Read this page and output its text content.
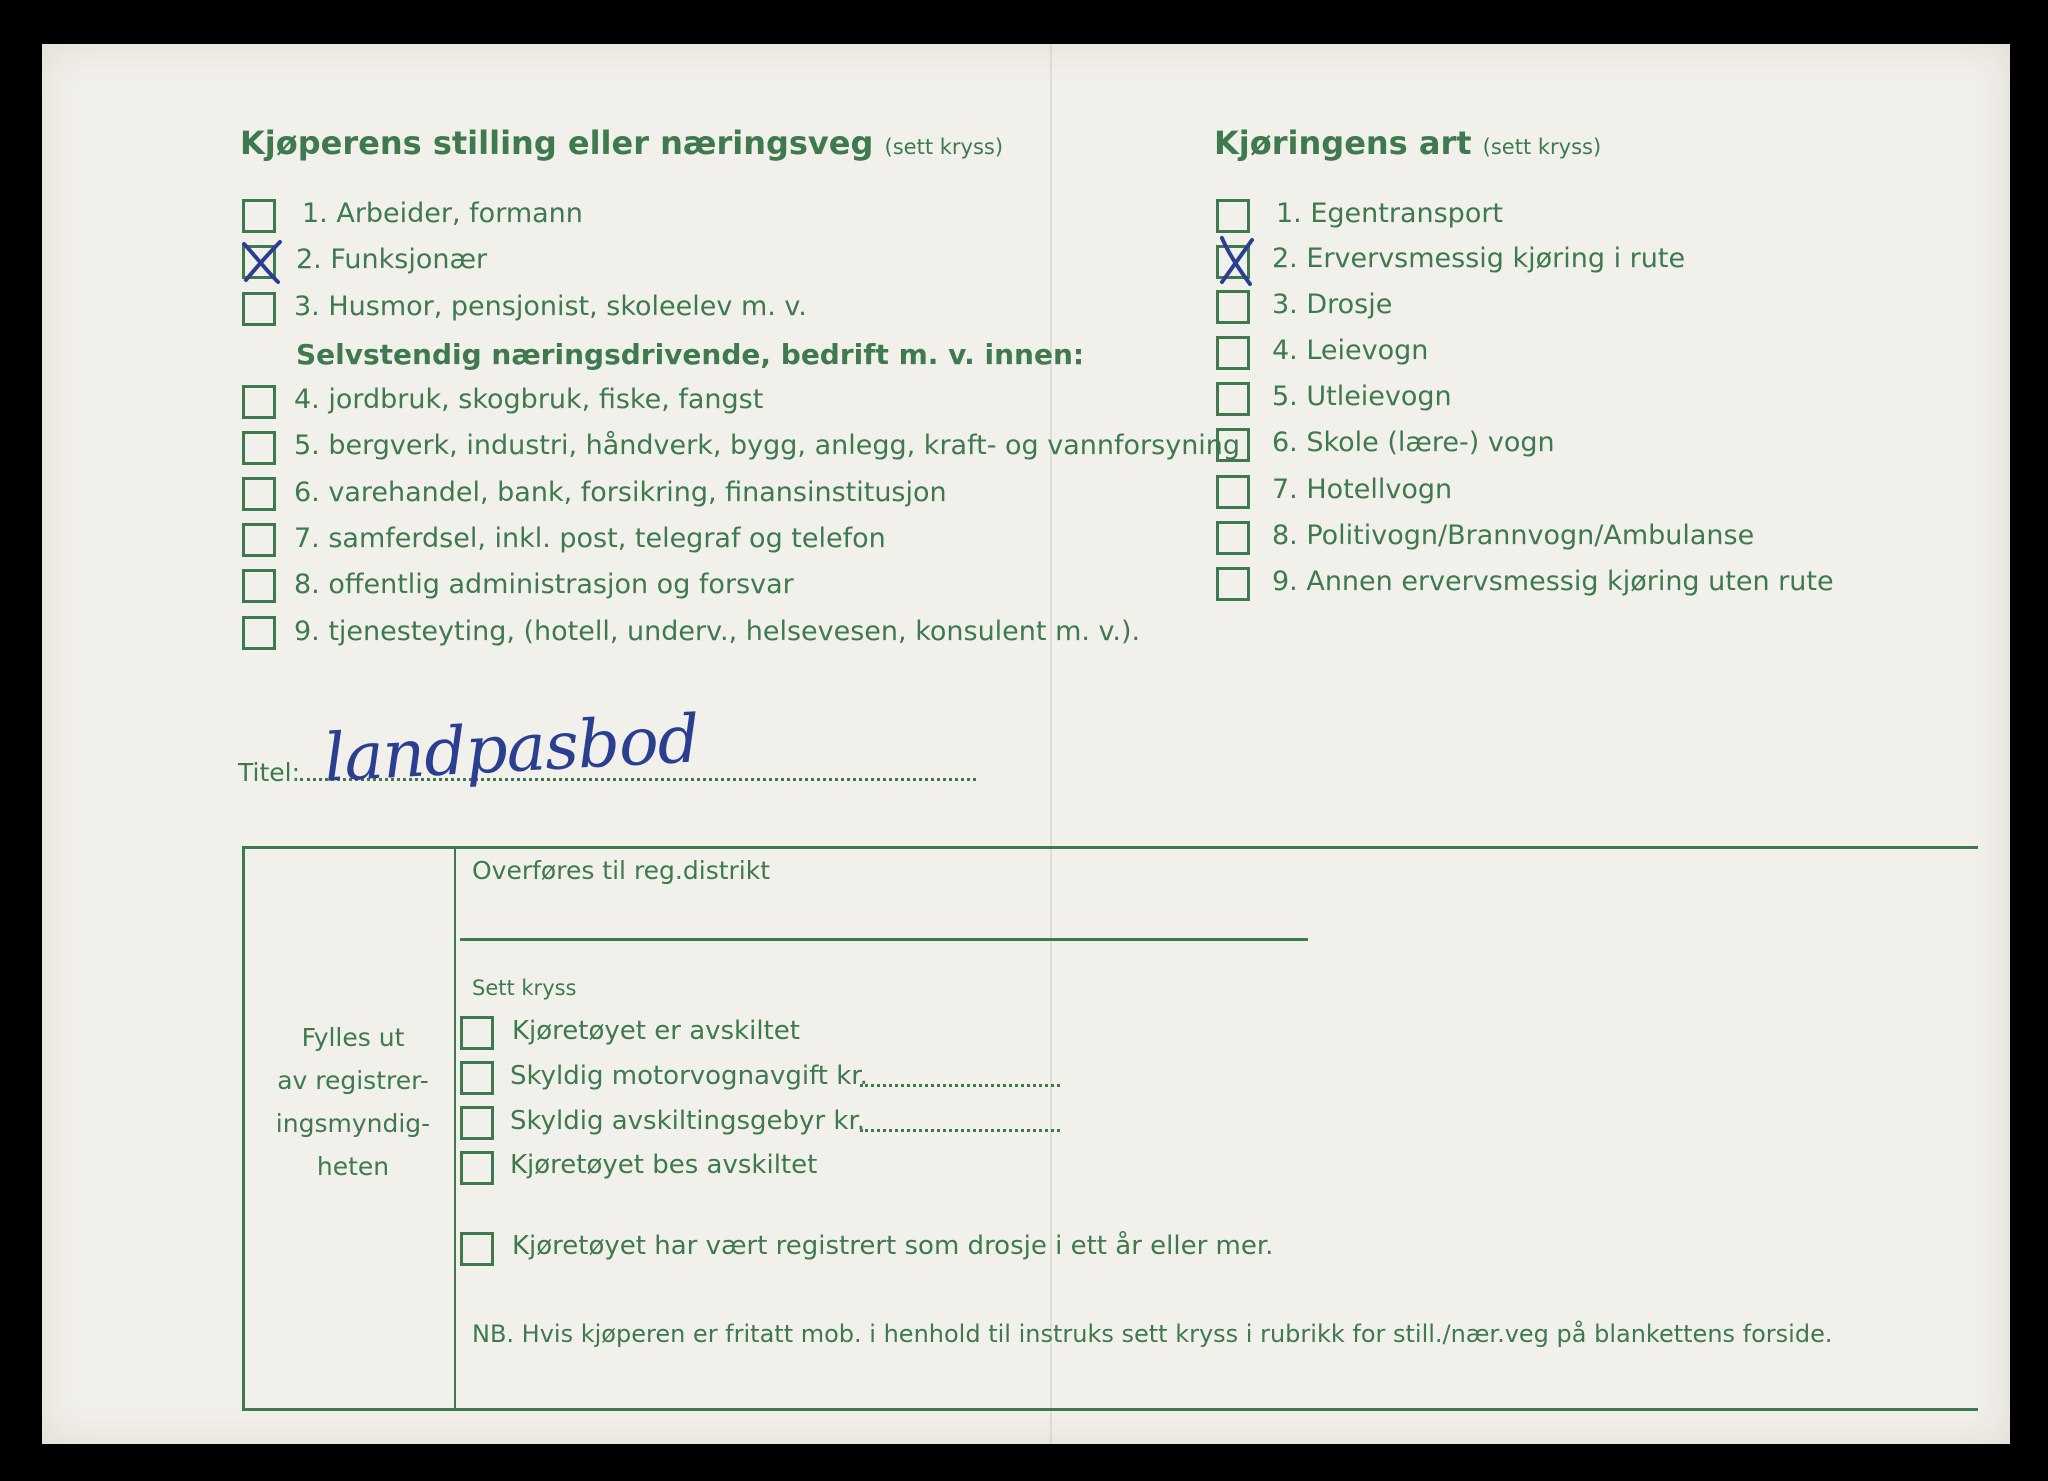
Kjøperens stilling eller næringsveg (sett kryss)
1. Arbeider, formann
2. Funksjonær
3. Husmor, pensjonist, skoleelev m. v.
Selvstendig næringsdrivende, bedrift m. v. innen:
4. jordbruk, skogbruk, fiske, fangst
5. bergverk, industri, håndverk, bygg, anlegg, kraft- og vannforsyning
6. varehandel, bank, forsikring, finansinstitusjon
7. samferdsel, inkl. post, telegraf og telefon
8. offentlig administrasjon og forsvar
9. tjenesteyting, (hotell, underv., helsevesen, konsulent m. v.).
Kjøringens art (sett kryss)
1. Egentransport
2. Ervervsmessig kjøring i rute
3. Drosje
4. Leievogn
5. Utleievogn
6. Skole (lære-) vogn
7. Hotellvogn
8. Politivogn/Brannvogn/Ambulanse
9. Annen ervervsmessig kjøring uten rute
Titel: landpasbod
Fylles ut
av registrer-
ingsmyndig-
heten
Overføres til reg.distrikt
Sett kryss
Kjøretøyet er avskiltet
Skyldig motorvognavgift kr.
Skyldig avskiltingsgebyr kr.
Kjøretøyet bes avskiltet
Kjøretøyet har vært registrert som drosje i ett år eller mer.
NB. Hvis kjøperen er fritatt mob. i henhold til instruks sett kryss i rubrikk for still./nær.veg på blankettens forside.
